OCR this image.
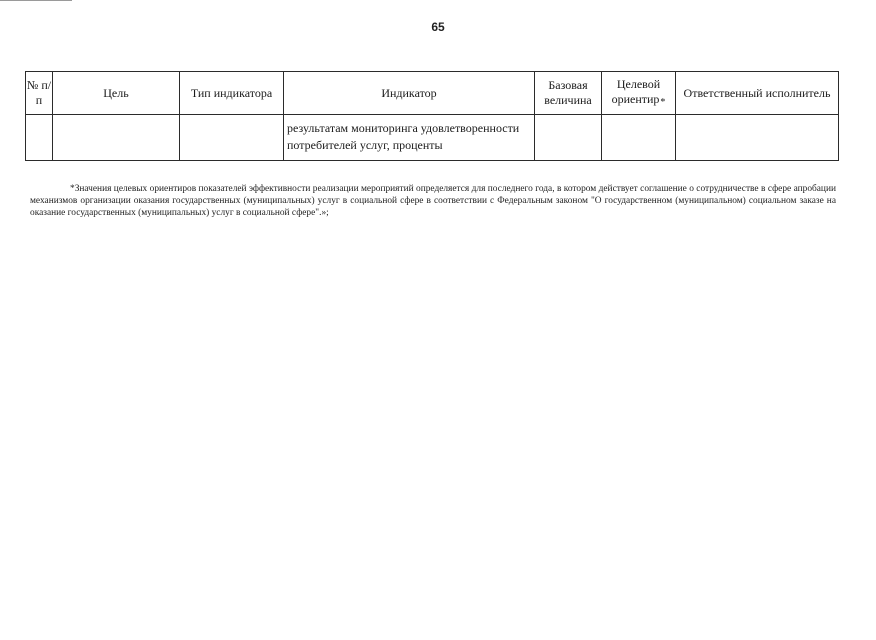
65
№ п/п	Цель	Тип индикатора	Индикатор	Базовая величина	Целевой ориентир*	Ответственный исполнитель
			результатам мониторинга удовлетворенности потребителей услуг, проценты			

*Значения целевых ориентиров показателей эффективности реализации мероприятий определяется для последнего года, в котором действует соглашение о сотрудничестве в сфере апробации механизмов организации оказания государственных (муниципальных) услуг в социальной сфере в соответствии с Федеральным законом "О государственном (муниципальном) социальном заказе на оказание государственных (муниципальных) услуг в социальной сфере".»;
